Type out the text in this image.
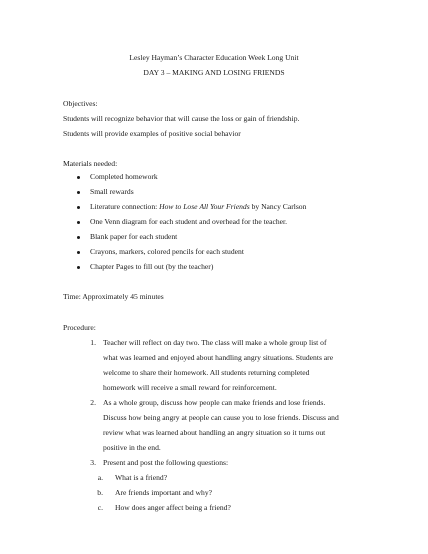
Lesley Hayman’s Character Education Week Long Unit
DAY 3 – MAKING AND LOSING FRIENDS
Objectives:
Students will recognize behavior that will cause the loss or gain of friendship.
Students will provide examples of positive social behavior
Materials needed:
Completed homework
Small rewards
Literature connection: How to Lose All Your Friends by Nancy Carlson
One Venn diagram for each student and overhead for the teacher.
Blank paper for each student
Crayons, markers, colored pencils for each student
Chapter Pages to fill out (by the teacher)
Time: Approximately 45 minutes
Procedure:
1. Teacher will reflect on day two. The class will make a whole group list of
what was learned and enjoyed about handling angry situations. Students are
welcome to share their homework. All students returning completed
homework will receive a small reward for reinforcement.
2. As a whole group, discuss how people can make friends and lose friends.
Discuss how being angry at people can cause you to lose friends. Discuss and
review what was learned about handling an angry situation so it turns out
positive in the end.
3. Present and post the following questions:
a. What is a friend?
b. Are friends important and why?
c. How does anger affect being a friend?
